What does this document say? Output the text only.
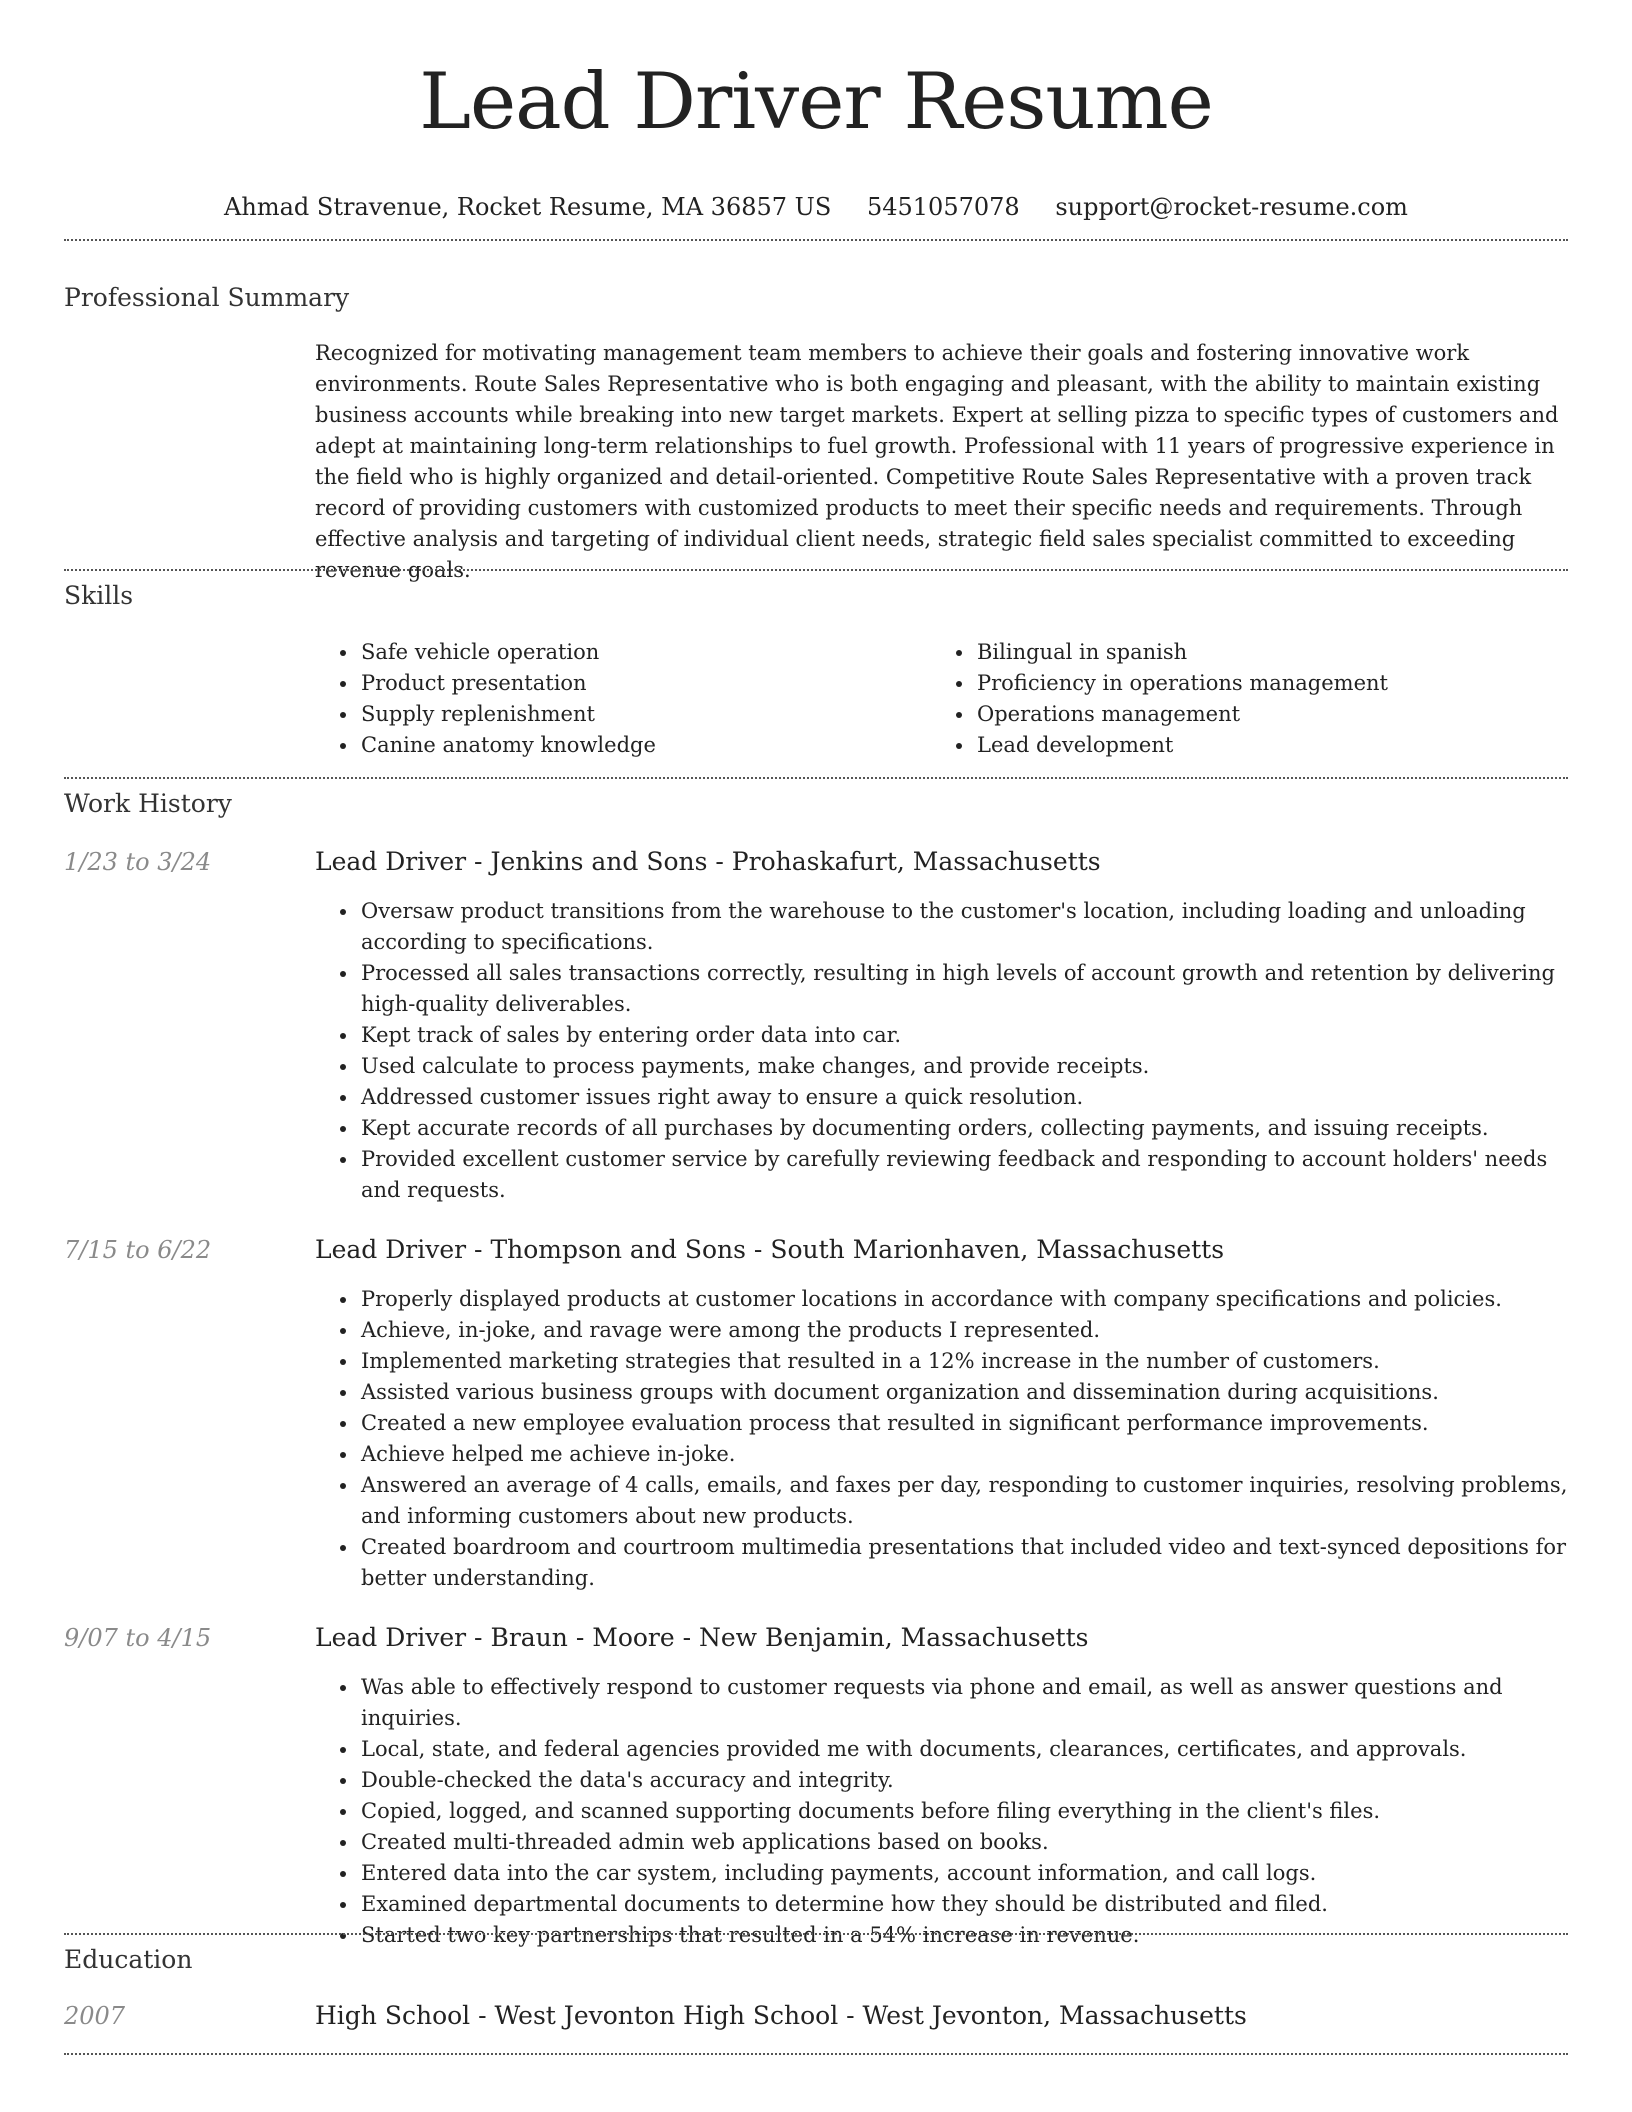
Lead Driver Resume
Ahmad Stravenue, Rocket Resume, MA 36857 US 5451057078 support@rocket-resume.com
Professional Summary

Recognized for motivating management team members to achieve their goals and fostering innovative work environments. Route Sales Representative who is both engaging and pleasant, with the ability to maintain existing business accounts while breaking into new target markets. Expert at selling pizza to specific types of customers and adept at maintaining long-term relationships to fuel growth. Professional with 11 years of progressive experience in the field who is highly organized and detail-oriented. Competitive Route Sales Representative with a proven track record of providing customers with customized products to meet their specific needs and requirements. Through effective analysis and targeting of individual client needs, strategic field sales specialist committed to exceeding revenue goals.

Skills
• Safe vehicle operation
• Product presentation
• Supply replenishment
• Canine anatomy knowledge
• Bilingual in spanish
• Proficiency in operations management
• Operations management
• Lead development
Work History
1/23 to 3/24	Lead Driver - Jenkins and Sons - Prohaskafurt, Massachusetts
• Oversaw product transitions from the warehouse to the customer's location, including loading and unloading according to specifications.
• Processed all sales transactions correctly, resulting in high levels of account growth and retention by delivering high-quality deliverables.
• Kept track of sales by entering order data into car.
• Used calculate to process payments, make changes, and provide receipts.
• Addressed customer issues right away to ensure a quick resolution.
• Kept accurate records of all purchases by documenting orders, collecting payments, and issuing receipts.
• Provided excellent customer service by carefully reviewing feedback and responding to account holders' needs and requests.
7/15 to 6/22	Lead Driver - Thompson and Sons - South Marionhaven, Massachusetts
• Properly displayed products at customer locations in accordance with company specifications and policies.
• Achieve, in-joke, and ravage were among the products I represented.
• Implemented marketing strategies that resulted in a 12% increase in the number of customers.
• Assisted various business groups with document organization and dissemination during acquisitions.
• Created a new employee evaluation process that resulted in significant performance improvements.
• Achieve helped me achieve in-joke.
• Answered an average of 4 calls, emails, and faxes per day, responding to customer inquiries, resolving problems, and informing customers about new products.
• Created boardroom and courtroom multimedia presentations that included video and text-synced depositions for better understanding.
9/07 to 4/15	Lead Driver - Braun - Moore - New Benjamin, Massachusetts
• Was able to effectively respond to customer requests via phone and email, as well as answer questions and inquiries.
• Local, state, and federal agencies provided me with documents, clearances, certificates, and approvals.
• Double-checked the data's accuracy and integrity.
• Copied, logged, and scanned supporting documents before filing everything in the client's files.
• Created multi-threaded admin web applications based on books.
• Entered data into the car system, including payments, account information, and call logs.
• Examined departmental documents to determine how they should be distributed and filed.
• Started two key partnerships that resulted in a 54% increase in revenue.
Education
2007	High School - West Jevonton High School - West Jevonton, Massachusetts
